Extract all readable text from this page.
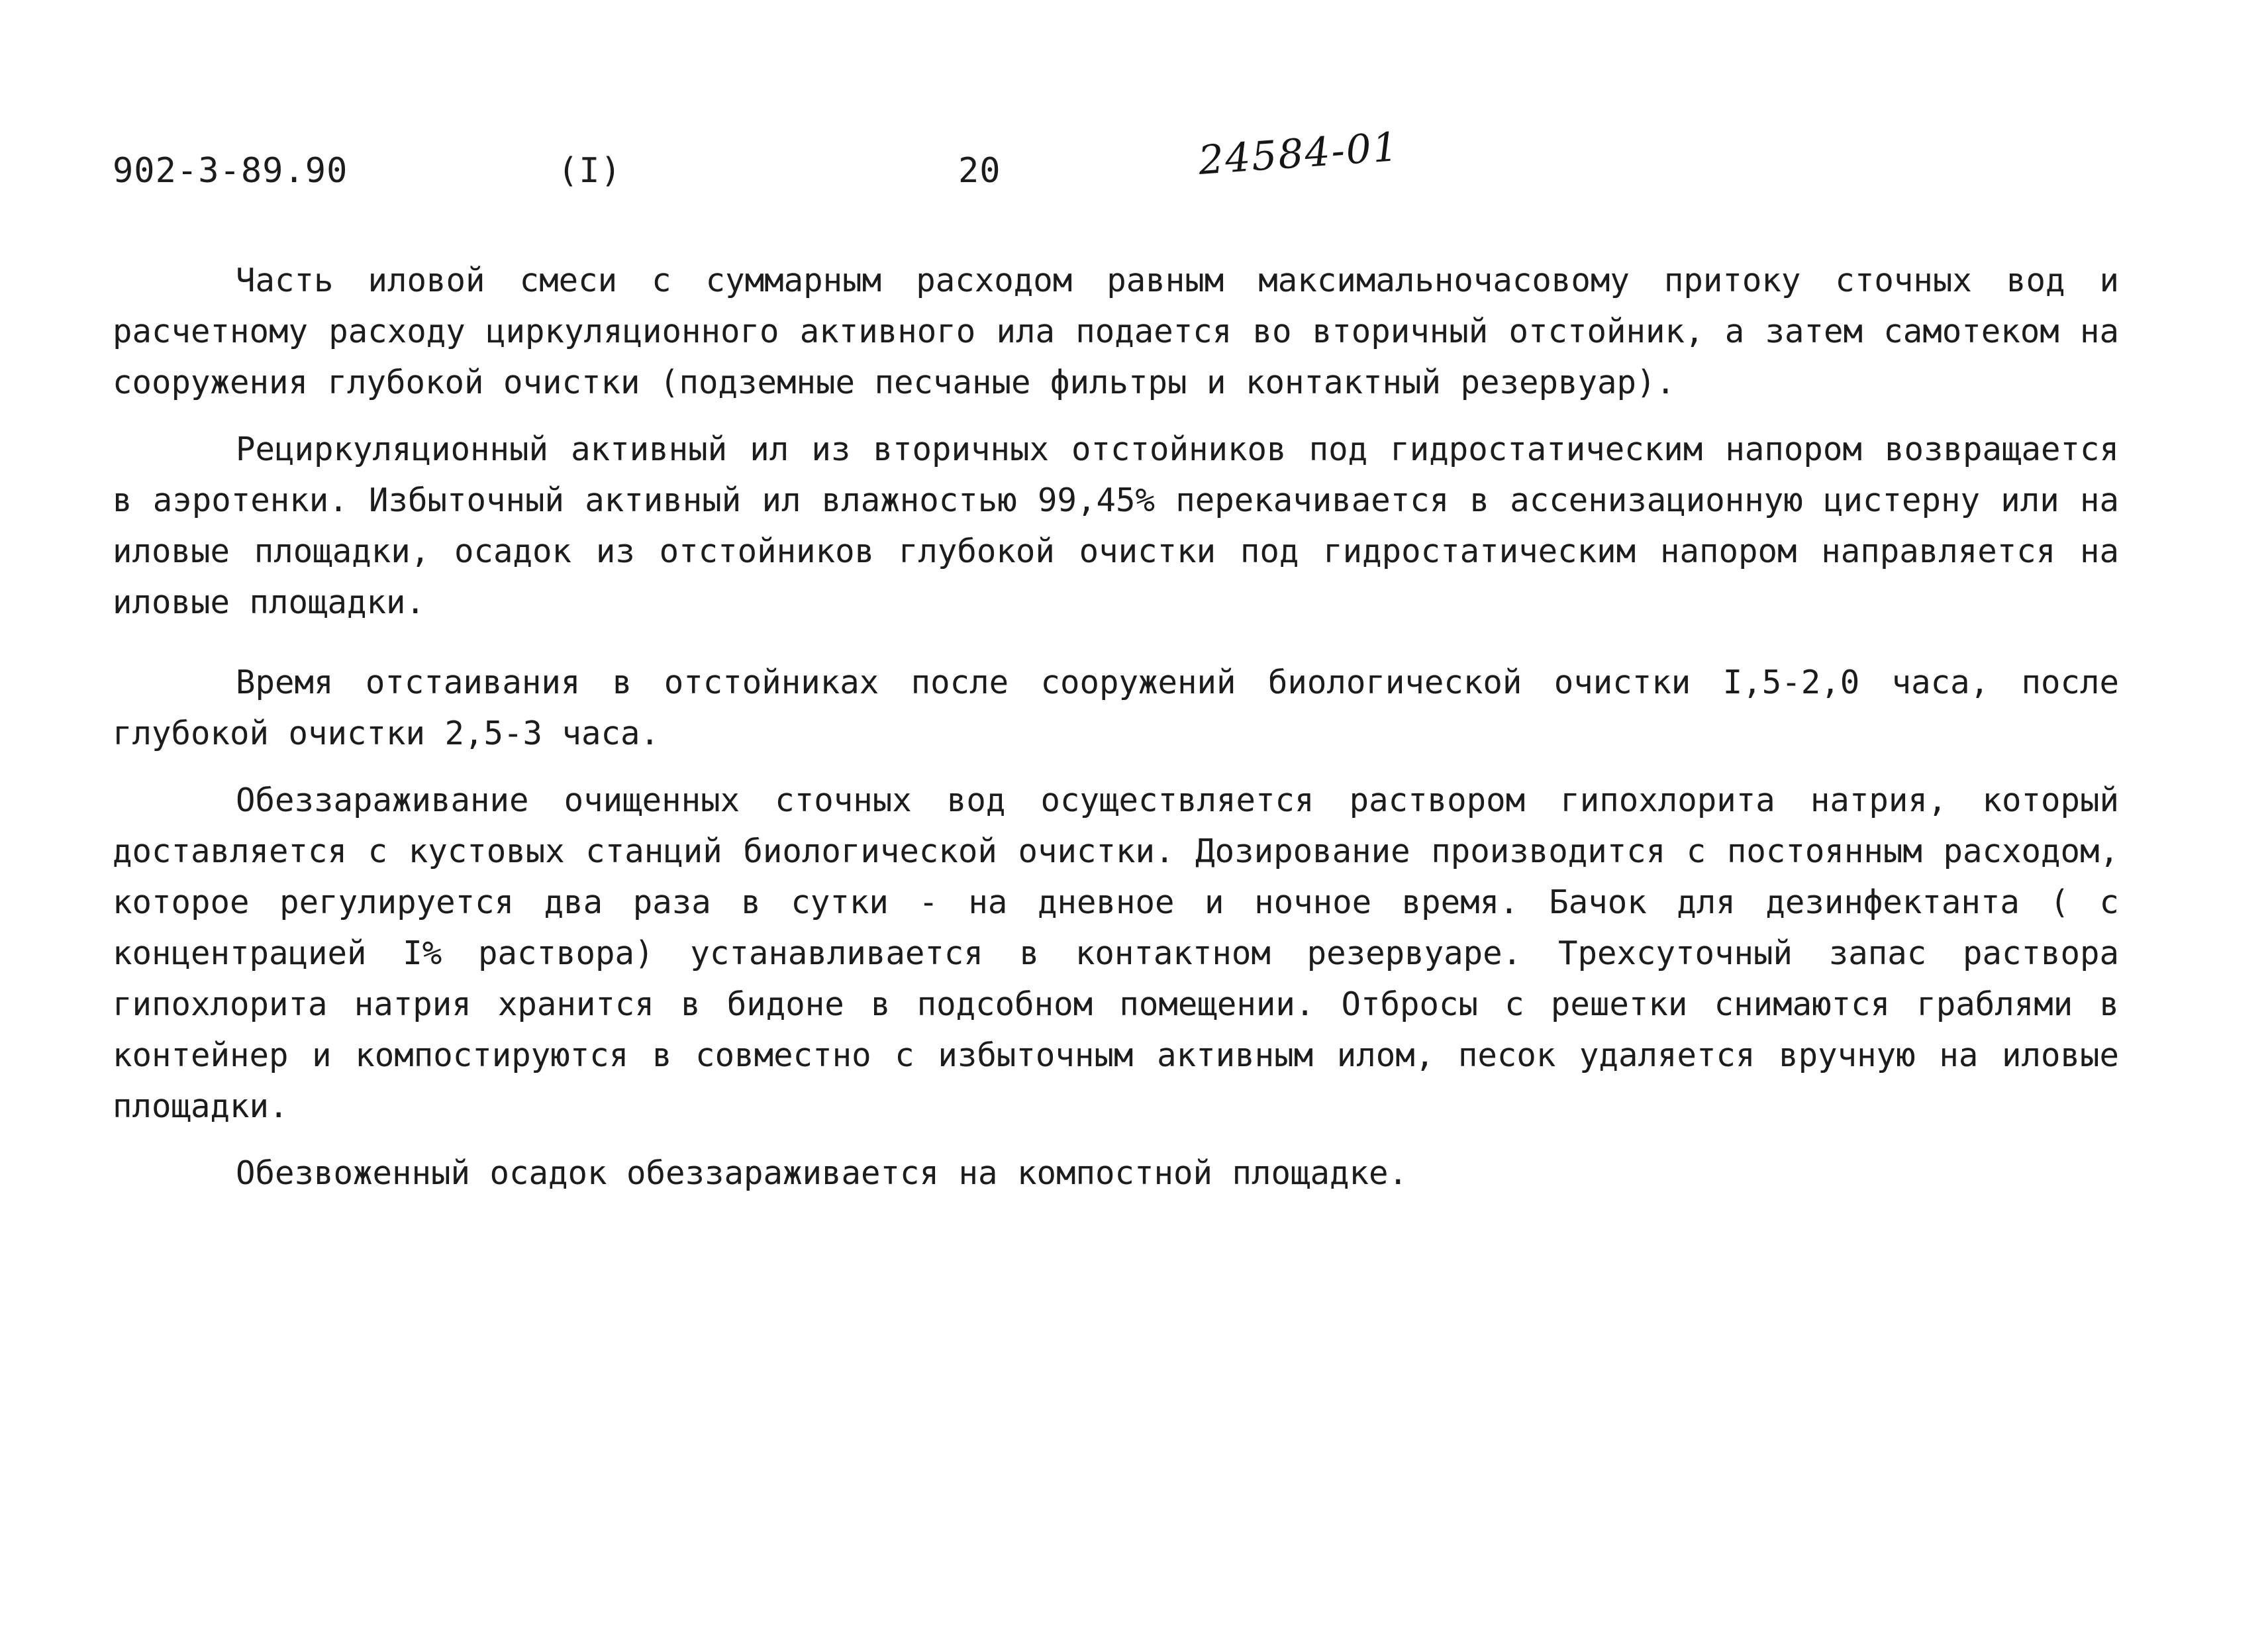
902-3-89.90	(I)	20	24584-01

Часть иловой смеси с суммарным расходом равным максимальночасовому притоку сточных вод и расчетному расходу циркуляционного активного ила подается во вторичный отстойник, а затем самотеком на сооружения глубокой очистки (подземные песчаные фильтры и контактный резервуар).

Рециркуляционный активный ил из вторичных отстойников под гидростатическим напором возвращается в аэротенки. Избыточный активный ил влажностью 99,45% перекачивается в ассенизационную цистерну или на иловые площадки, осадок из отстойников глубокой очистки под гидростатическим напором направляется на иловые площадки.

Время отстаивания в отстойниках после сооружений биологической очистки I,5-2,0 часа, после глубокой очистки 2,5-3 часа.

Обеззараживание очищенных сточных вод осуществляется раствором гипохлорита натрия, который доставляется с кустовых станций биологической очистки. Дозирование производится с постоянным расходом, которое регулируется два раза в сутки - на дневное и ночное время. Бачок для дезинфектанта ( с концентрацией I% раствора) устанавливается в контактном резервуаре. Трехсуточный запас раствора гипохлорита натрия хранится в бидоне в подсобном помещении. Отбросы с решетки снимаются граблями в контейнер и компостируются в совместно с избыточным активным илом, песок удаляется вручную на иловые площадки.

Обезвоженный осадок обеззараживается на компостной площадке.
